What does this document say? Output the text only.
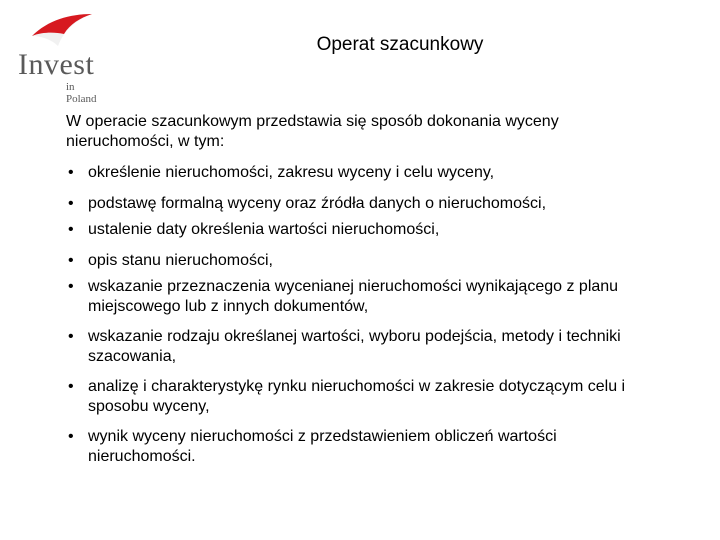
Invest
in Poland
Operat szacunkowy

W operacie szacunkowym przedstawia się sposób dokonania wyceny nieruchomości, w tym:

• określenie nieruchomości, zakresu wyceny i celu wyceny,
• podstawę formalną wyceny oraz źródła danych o nieruchomości,
• ustalenie daty określenia wartości nieruchomości,
• opis stanu nieruchomości,
• wskazanie przeznaczenia wycenianej nieruchomości wynikającego z planu miejscowego lub z innych dokumentów,
• wskazanie rodzaju określanej wartości, wyboru podejścia, metody i techniki szacowania,
• analizę i charakterystykę rynku nieruchomości w zakresie dotyczącym celu i sposobu wyceny,
• wynik wyceny nieruchomości z przedstawieniem obliczeń wartości nieruchomości.
